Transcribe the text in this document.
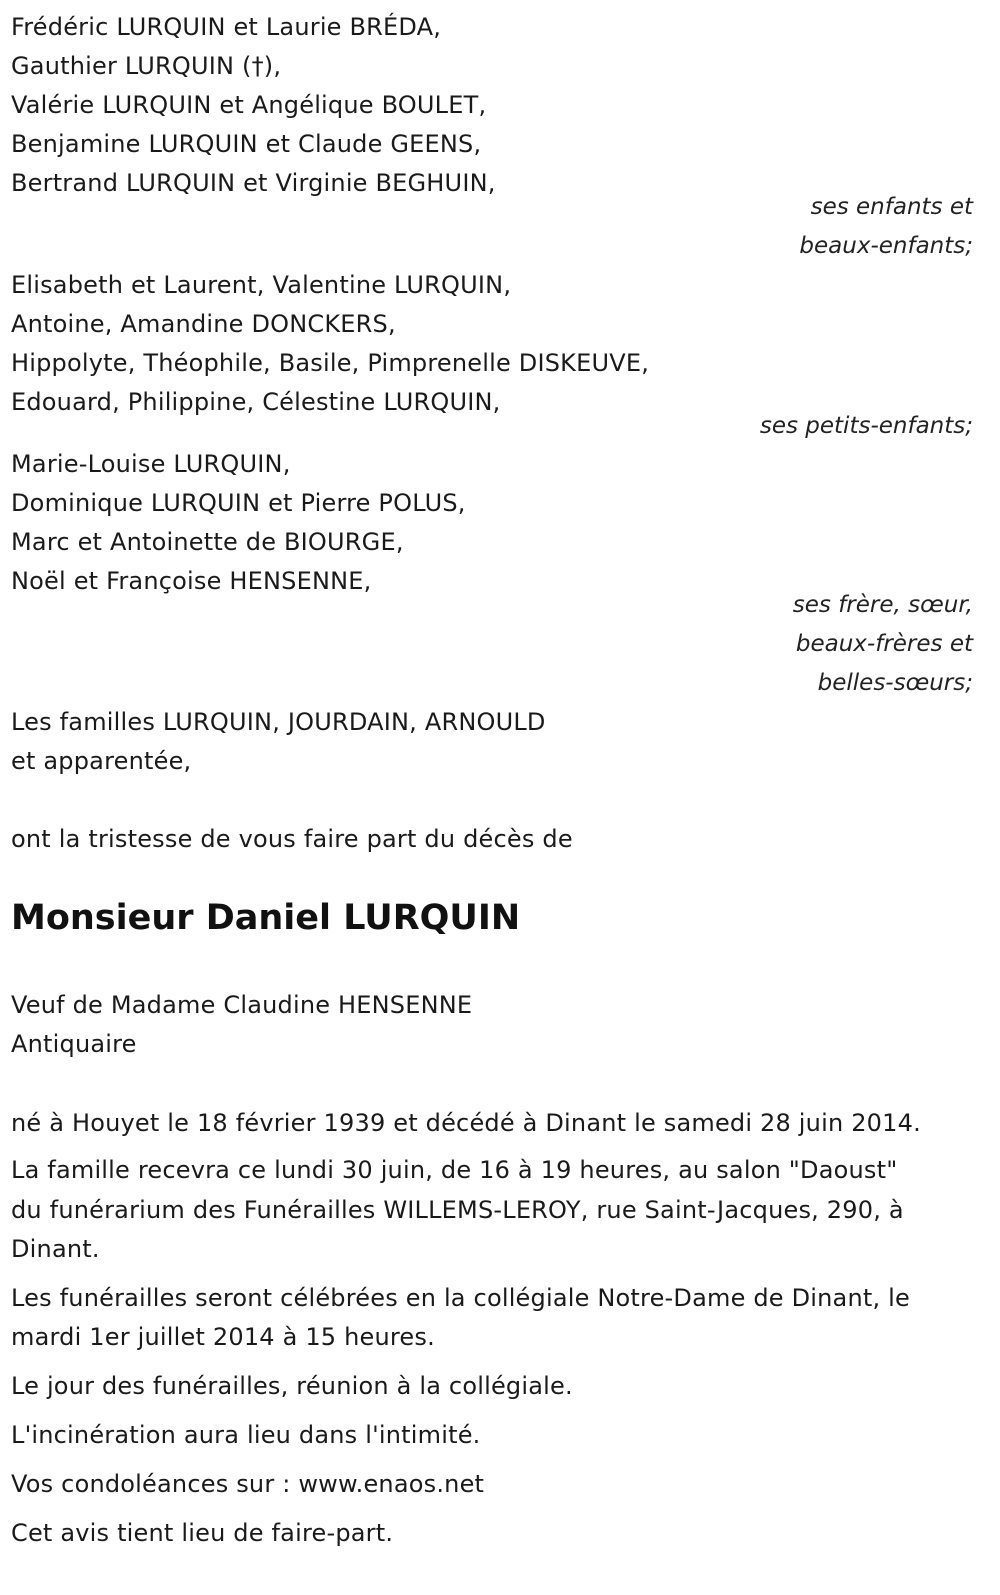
Frédéric LURQUIN et Laurie BRÉDA,
Gauthier LURQUIN (†),
Valérie LURQUIN et Angélique BOULET,
Benjamine LURQUIN et Claude GEENS,
Bertrand LURQUIN et Virginie BEGHUIN,
ses enfants et
beaux-enfants;
Elisabeth et Laurent, Valentine LURQUIN,
Antoine, Amandine DONCKERS,
Hippolyte, Théophile, Basile, Pimprenelle DISKEUVE,
Edouard, Philippine, Célestine LURQUIN,
ses petits-enfants;
Marie-Louise LURQUIN,
Dominique LURQUIN et Pierre POLUS,
Marc et Antoinette de BIOURGE,
Noël et Françoise HENSENNE,
ses frère, sœur,
beaux-frères et
belles-sœurs;
Les familles LURQUIN, JOURDAIN, ARNOULD
et apparentée,
ont la tristesse de vous faire part du décès de
Monsieur Daniel LURQUIN
Veuf de Madame Claudine HENSENNE
Antiquaire
né à Houyet le 18 février 1939 et décédé à Dinant le samedi 28 juin 2014.
La famille recevra ce lundi 30 juin, de 16 à 19 heures, au salon "Daoust"
du funérarium des Funérailles WILLEMS-LEROY, rue Saint-Jacques, 290, à
Dinant.
Les funérailles seront célébrées en la collégiale Notre-Dame de Dinant, le
mardi 1er juillet 2014 à 15 heures.
Le jour des funérailles, réunion à la collégiale.
L'incinération aura lieu dans l'intimité.
Vos condoléances sur : www.enaos.net
Cet avis tient lieu de faire-part.
